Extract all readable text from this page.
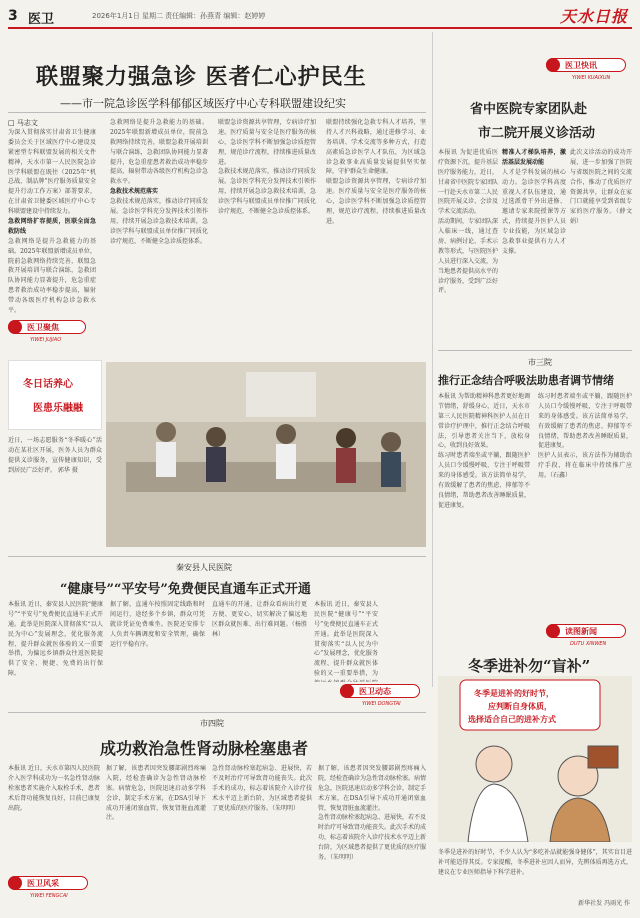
3 医卫	2026年1月1日 星期二 责任编辑：孙燕青 编辑：赵婷婷	天水日报
联盟聚力强急诊 医者仁心护民生
——市一院急诊医学科郁郁区域医疗中心专科联盟建设纪实
□ 马志文
为深入贯彻落实甘肃省卫生健康委员会关于区域医疗中心建设及紧密型专科联盟发展的相关文件精神，天水市第一人民医院急诊医学科联盟在既往（2025年“机总战、制品牌”医疗服务质量安全提升行动工作方案）部署要求，在甘肃省卫健委区域医疗中心专科联盟建设中持续发力。
急救网络扩容提质，医联全面急救防线
急救网络是提升急救能力的基础。2025年联盟新增成员单位，院前急救网络持续完善，联盟急救开展培训与联合演练，急救团队协同能力显著提升，危急重症患者救治成功率稳步提高，辐射带动各级医疗机构急诊急救水平。
医卫聚焦
YIWEI JUJIAO
急救网络是提升急救能力的基础。2025年联盟新增成员单位，院前急救网络持续完善，联盟急救开展培训与联合演练，急救团队协同能力显著提升，危急重症患者救治成功率稳步提高，辐射带动各级医疗机构急诊急救水平。
急救技术规范落实
急救技术规范落实，推动诊疗同质发展。急诊医学科充分发挥技术引领作用，持续开展急诊急救技术培训，急诊医学科与联盟成员单位推广同质化诊疗规范，不断健全急诊质控体系。
联盟急诊资源共享管理，专病诊疗加速。医疗质量与安全是医疗服务的核心，急诊医学科不断加强急诊质控管理，规范诊疗流程，持续推进质量改进。
急救技术规范落实，推动诊疗同质发展。急诊医学科充分发挥技术引领作用，持续开展急诊急救技术培训，急诊医学科与联盟成员单位推广同质化诊疗规范，不断健全急诊质控体系。
联盟持续强化急救专科人才培养，坚持人才兴科战略，通过进修学习、业务培训、学术交流等多种方式，打造高素质急诊医学人才队伍，为区域急诊急救事业高质量发展提供坚实保障，守护群众生命健康。
联盟急诊资源共享管理，专病诊疗加速。医疗质量与安全是医疗服务的核心，急诊医学科不断加强急诊质控管理，规范诊疗流程，持续推进质量改进。
冬日话养心
医患乐融融
近日，一场志愿服务“冬季暖心”活动在某社区开展，医务人员为群众提供义诊服务，宣传健康知识，受到居民广泛好评。 郭华 摄
医卫快讯
YIWEI KUAIXUN
省中医院专家团队赴
市二院开展义诊活动
本报讯 为促进优质医疗资源下沉，提升基层医疗服务能力，近日，甘肃省中医院专家团队一行赴天水市第二人民医院开展义诊、会诊及学术交流活动。
活动期间，专家团队深入临床一线，通过查房、病例讨论、手术示教等形式，与医院医护人员进行深入交流，为当地患者提供高水平的诊疗服务，受到广泛好评。
精准人才梯队培养，激活基层发展动能
人才是学科发展的核心动力。急诊医学科高度重视人才队伍建设，通过选派骨干外出进修、邀请专家来院授课等方式，持续提升医护人员专业技能，为区域急诊急救事业提供有力人才支撑。
此次义诊活动的成功开展，进一步加强了医院与省级医院之间的交流合作，推动了优质医疗资源共享，让群众在家门口就能享受到省级专家的医疗服务。（薛文娟）
市三院
推行正念结合呼吸法助患者调节情绪
本报讯 为帮助精神科患者更好地调节情绪，舒缓身心，近日，天水市第三人民医院精神科医护人员在日常诊疗护理中，推行正念结合呼吸法，引导患者关注当下，放松身心，收到良好效果。
练习时患者端坐或平躺，跟随医护人员口令缓慢呼吸，专注于呼吸带来的身体感受。该方法简单易学，有效缓解了患者的焦虑、抑郁等不良情绪，帮助患者改善睡眠质量，促进康复。
练习时患者端坐或平躺，跟随医护人员口令缓慢呼吸，专注于呼吸带来的身体感受。该方法简单易学，有效缓解了患者的焦虑、抑郁等不良情绪，帮助患者改善睡眠质量，促进康复。
医护人员表示，该方法作为辅助治疗手段，将在临床中持续推广应用。（石鑫）
秦安县人民医院
“健康号”“平安号”免费便民直通车正式开通
本报讯 近日，秦安县人民医院“健康号”“平安号”免费便民直通车正式开通。此举是医院深入贯彻落实“以人民为中心”发展理念，优化服务流程、提升群众就医体验的又一重要举措，为偏远乡镇群众往返医院提供了安全、便捷、免费的出行保障。
据了解，直通车按照固定线路和时间运行，途经多个乡镇，群众可凭就诊凭证免费乘坐。医院还安排专人负责车辆调度和安全管理，确保运行平稳有序。
直通车的开通，让群众看病出行更方便、更安心，切实解决了偏远地区群众就医难、出行难问题。（杨胜林）
本报讯 近日，秦安县人民医院“健康号”“平安号”免费便民直通车正式开通。此举是医院深入贯彻落实“以人民为中心”发展理念，优化服务流程、提升群众就医体验的又一重要举措，为
医卫动态
YIWEI DONGTAI
市四院
成功救治急性肾动脉栓塞患者
本报讯 近日，天水市第四人民医院介入医学科成功为一名急性肾动脉栓塞患者实施介入取栓手术，患者术后肾功能恢复良好，目前已康复出院。
据了解，该患者因突发腰部剧烈疼痛入院，经检查确诊为急性肾动脉栓塞。病情危急，医院迅速启动多学科会诊，制定手术方案，在DSA引导下成功开通闭塞血管，恢复肾脏血流灌注。
急性肾动脉栓塞起病急、进展快，若不及时治疗可导致肾功能丧失。此次手术的成功，标志着该院介入诊疗技术水平迈上新台阶，为区域患者提供了更优质的医疗服务。（朱明明）
据了解，该患者因突发腰部剧烈疼痛入院，经检查确诊为急性肾动脉栓塞。病情危急，医院迅速启动多学科会诊，制定手术方案，在DSA引导下成功开通闭塞血管，恢复肾脏血流灌注。
急性肾动脉栓塞起病急、进展快，若不及时治疗可导致肾功能丧失。此次手术的成功，标志着该院介入诊疗技术水平迈上新台阶，为区域患者提供了更优质的医疗服务。（朱明明）
医卫风采
YIWEI FENGCAI
读图新闻
DUTU XINWEN
冬季进补勿“盲补”
冬季是进补的好时节，
应判断自身体质，
选择适合自己的进补方式
冬季是进补的好时节，不少人认为“多吃补品就能强身健体”，其实盲目进补可能适得其反。专家提醒，冬季进补应因人而异，先辨体质再选方式，建议在专业医师指导下科学进补。
新华社发 冯雨光 作
